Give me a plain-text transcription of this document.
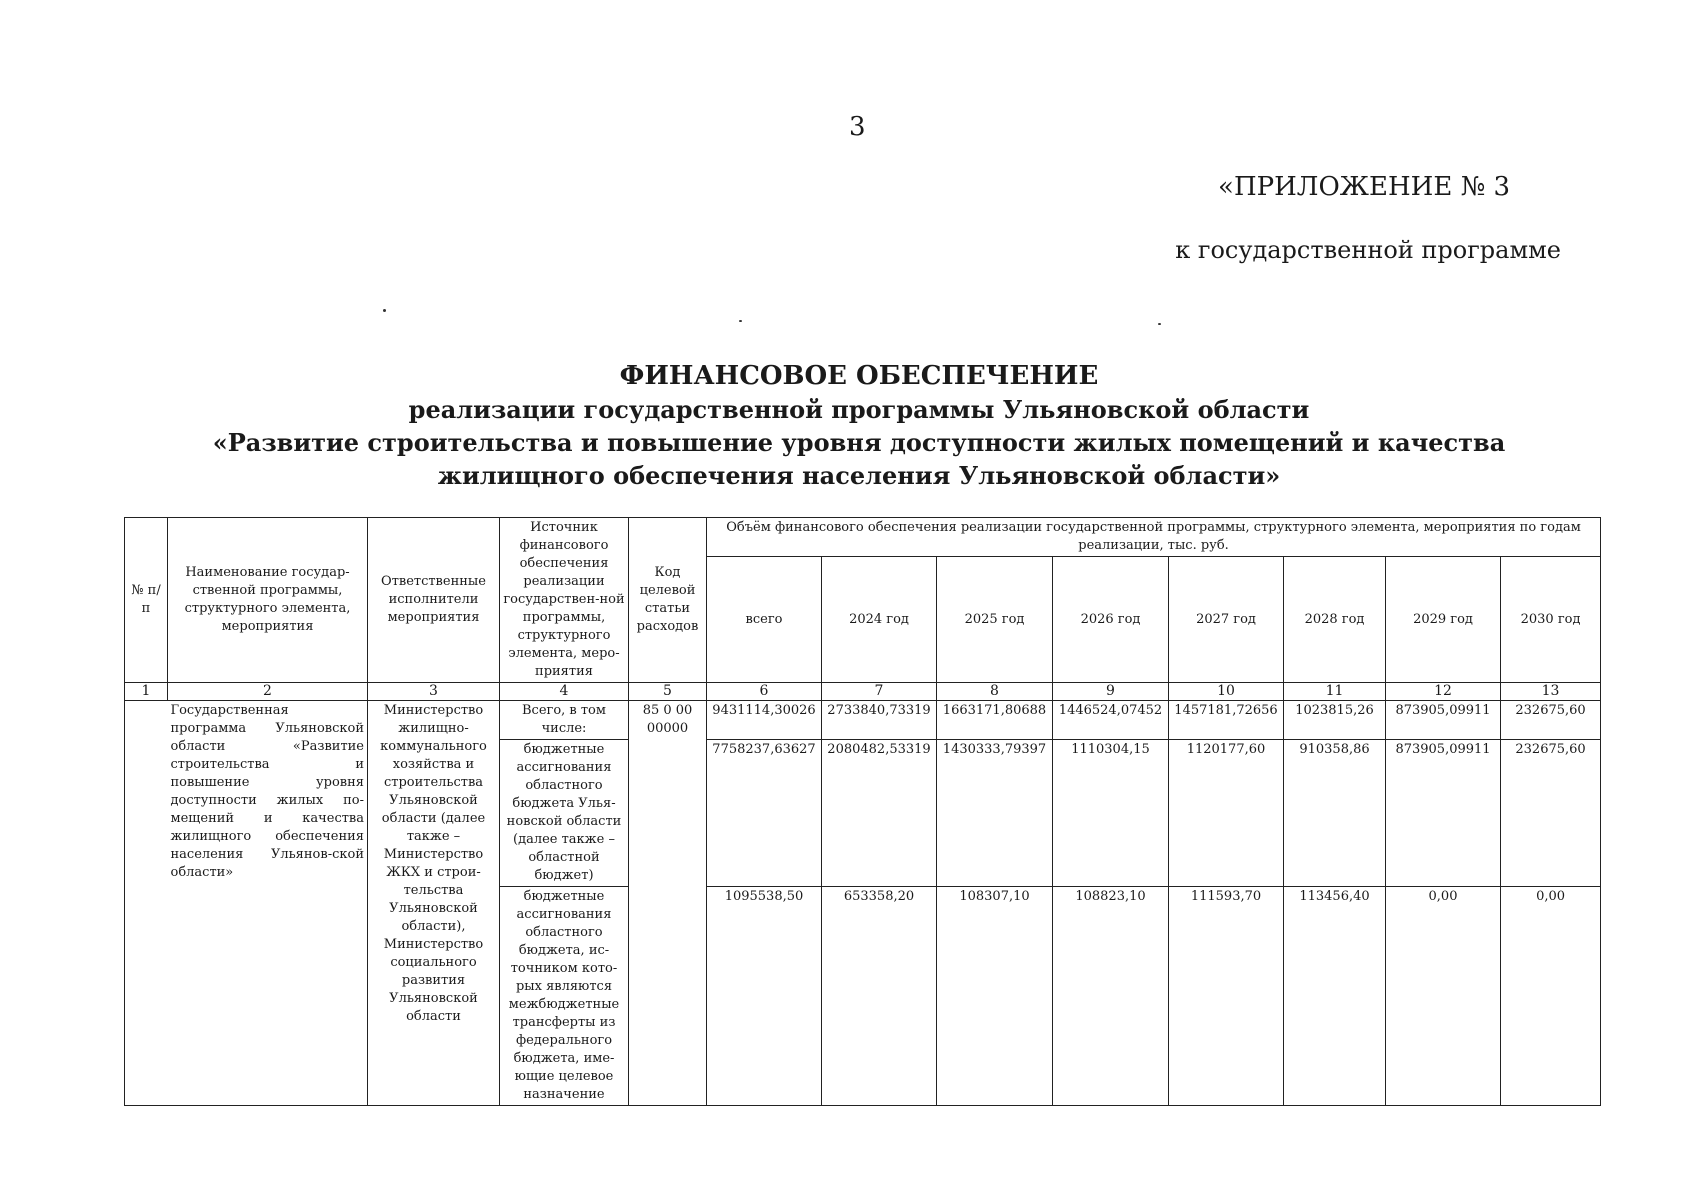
3
«ПРИЛОЖЕНИЕ № 3
к государственной программе
ФИНАНСОВОЕ ОБЕСПЕЧЕНИЕ
реализации государственной программы Ульяновской области
«Развитие строительства и повышение уровня доступности жилых помещений и качества
жилищного обеспечения населения Ульяновской области»
№ п/п	Наименование государ-ственной программы, структурного элемента, мероприятия	Ответственные исполнители мероприятия	Источник финансового обеспечения реализации государствен-ной программы, структурного элемента, меро-приятия	Код целевой статьи расходов	Объём финансового обеспечения реализации государственной программы, структурного элемента, мероприятия по годам реализации, тыс. руб.							
					всего	2024 год	2025 год	2026 год	2027 год	2028 год	2029 год	2030 год
1	2	3	4	5	6	7	8	9	10	11	12	13
	Государственная программа Ульяновской области «Развитие строительства и повышение уровня доступности жилых по-мещений и качества жилищного обеспечения населения Ульянов-ской области»	Министерство жилищно-коммунального хозяйства и строительства Ульяновской области (далее также – Министерство ЖКХ и строи-тельства Ульяновской области), Министерство социального развития Ульяновской области	Всего, в том числе:	85 0 00 00000	9431114,30026	2733840,73319	1663171,80688	1446524,07452	1457181,72656	1023815,26	873905,09911	232675,60
			бюджетные ассигнования областного бюджета Улья-новской области (далее также – областной бюджет)		7758237,63627	2080482,53319	1430333,79397	1110304,15	1120177,60	910358,86	873905,09911	232675,60
			бюджетные ассигнования областного бюджета, ис-точником кото-рых являются межбюджетные трансферты из федерального бюджета, име-ющие целевое назначение		1095538,50	653358,20	108307,10	108823,10	111593,70	113456,40	0,00	0,00
